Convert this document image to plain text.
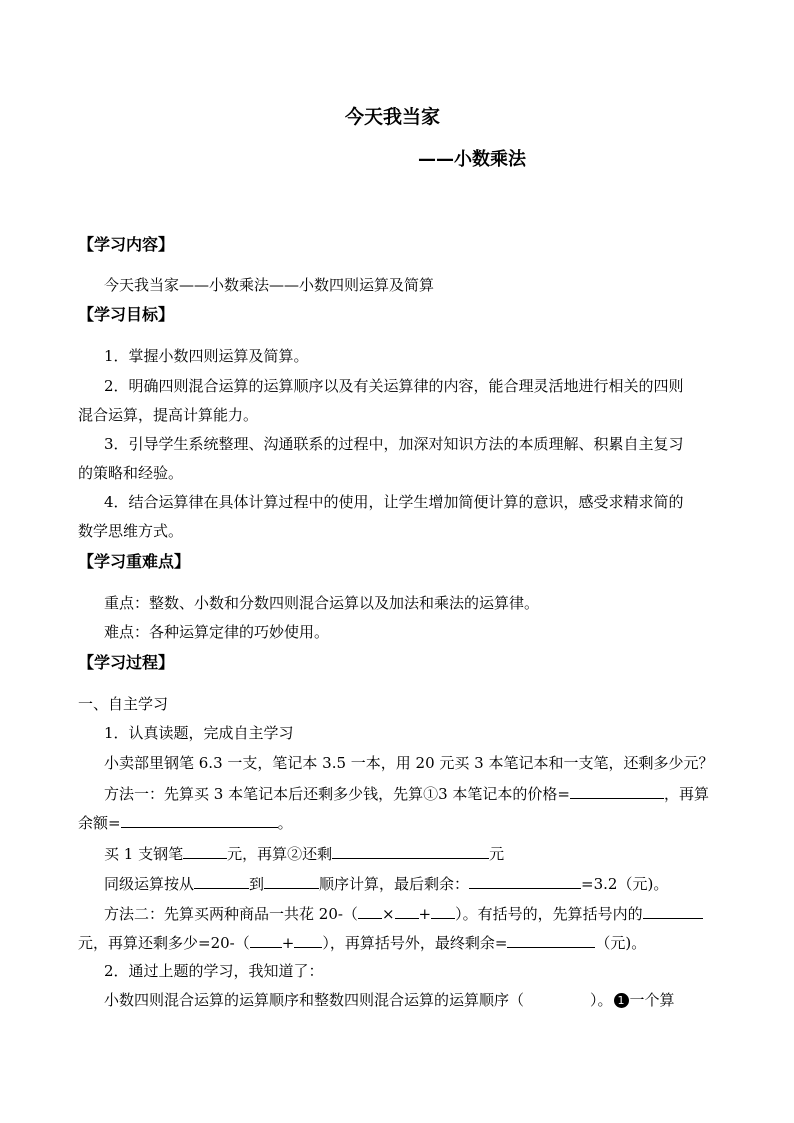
今天我当家
——小数乘法
【学习内容】
今天我当家——小数乘法——小数四则运算及简算
【学习目标】
1．掌握小数四则运算及简算。
2．明确四则混合运算的运算顺序以及有关运算律的内容，能合理灵活地进行相关的四则
混合运算，提高计算能力。
3．引导学生系统整理、沟通联系的过程中，加深对知识方法的本质理解、积累自主复习
的策略和经验。
4．结合运算律在具体计算过程中的使用，让学生增加简便计算的意识，感受求精求简的
数学思维方式。
【学习重难点】
重点：整数、小数和分数四则混合运算以及加法和乘法的运算律。
难点：各种运算定律的巧妙使用。
【学习过程】
一、自主学习
1．认真读题，完成自主学习
小卖部里钢笔 6.3 一支，笔记本 3.5 一本，用 20 元买 3 本笔记本和一支笔，还剩多少元？
方法一：先算买 3 本笔记本后还剩多少钱，先算①3 本笔记本的价格=	，再算
余额=	。
买 1 支钢笔	元，再算②还剩	元
同级运算按从	到	顺序计算，最后剩余：	=3.2（元)。
方法二：先算买两种商品一共花 20-（ × + ）。有括号的，先算括号内的
元，再算还剩多少=20-（ + ），再算括号外，最终剩余=	（元)。
2．通过上题的学习，我知道了：
小数四则混合运算的运算顺序和整数四则混合运算的运算顺序（	）。 1 一个算
